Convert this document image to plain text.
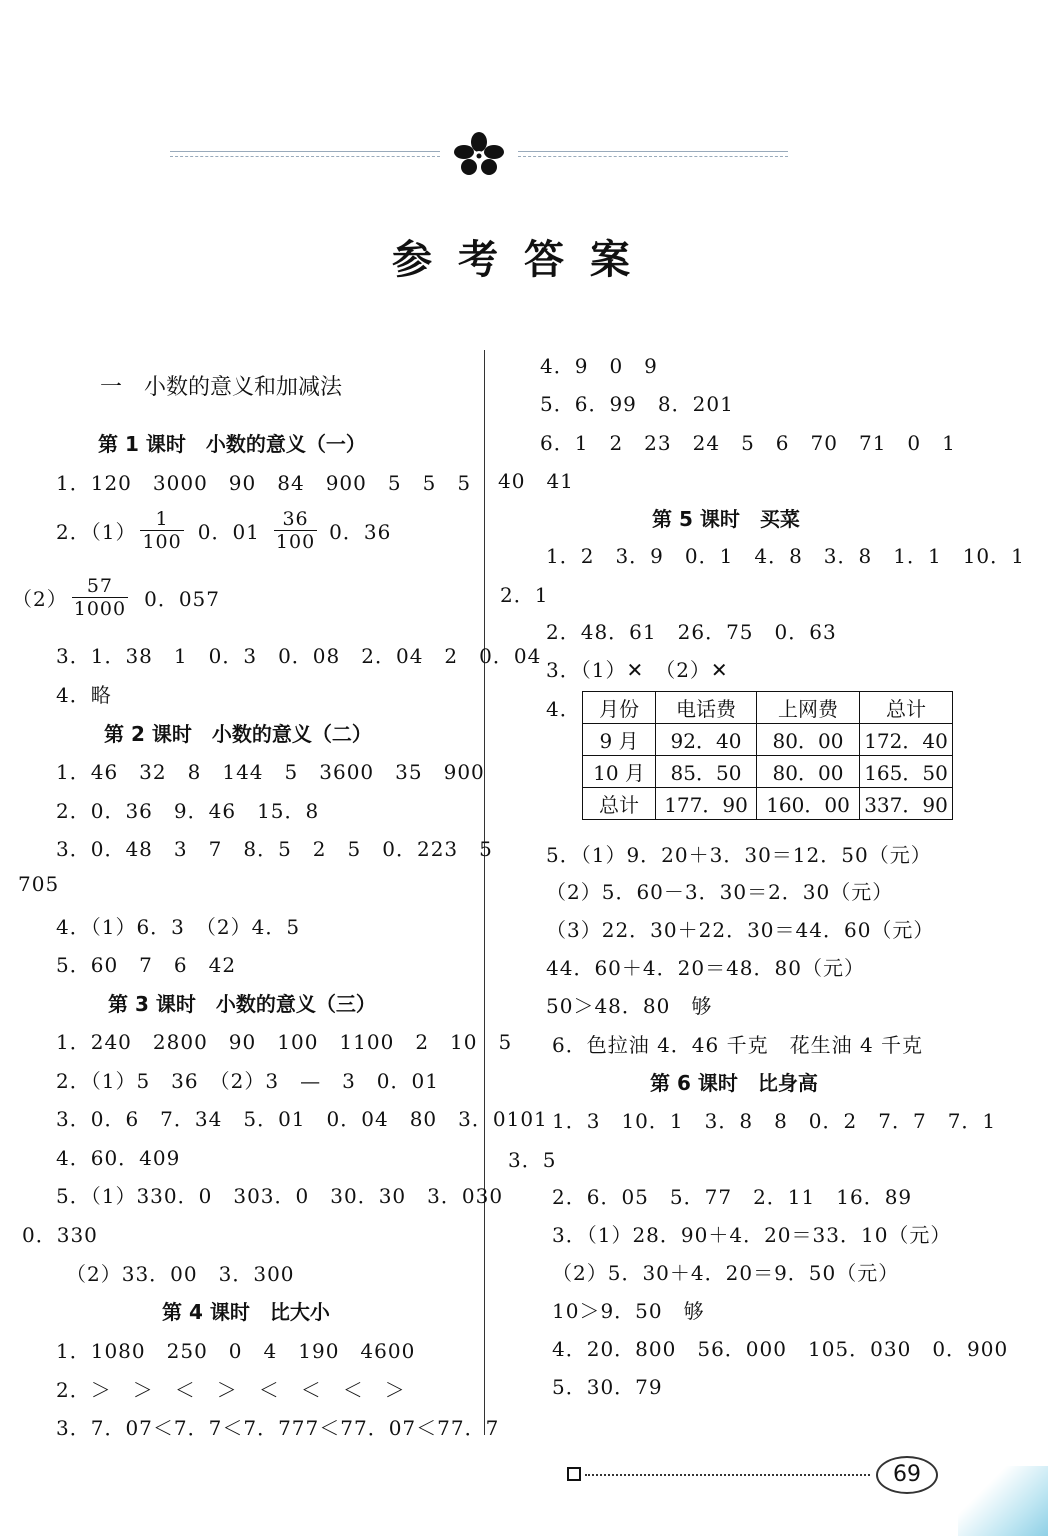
参考答案
一　小数的意义和加减法
第 1 课时　小数的意义（一）
1．120　3000　90　84　900　5　5　5
2．$(1) \frac{1}{100} 0$．$01 \frac{36}{100} 0$．36
$(2) \frac{57}{1000} 0$．057
3．1．38　1　0．3　0．08　2．04　2　0．04
4．略
第 2 课时　小数的意义（二）
1．46　32　8　144　5　3600　35　900
2．0．36　9．46　15．8
3．0．48　3　7　8．5　2　5　0．223　5
705
4．（1）6．3　（2）4．5
5．60　7　6　42
第 3 课时　小数的意义（三）
1．240　2800　90　100　1100　2　10　5
2．（1）5　36　（2）3　—　3　0．01
3．0．6　7．34　5．01　0．04　80　3．0101
4．60．409
5．（1）330．0　303．0　30．30　3．030
0．330
（2）33．00　3．300
第 4 课时　比大小
1．1080　250　0　4　190　4600
2．＞　＞　＜　＞　＜　＜　＜　＞
3．7．07＜7．7＜7．777＜77．07＜77．7
4．9　0　9
5．6．99　8．201
6．1　2　23　24　5　6　70　71　0　1
40　41
第 5 课时　买菜
1．2　3．9　0．1　4．8　3．8　1．1　10．1
2．1
2．48．61　26．75　0．63
3．（1）✕　（2）✕
4． 月份	电话费	上网费	总计
9 月	92．40	80．00	172．40
10 月	85．50	80．00	165．50
总计	177．90	160．00	337．90
5．（1）9．20＋3．30＝12．50（元）
（2）5．60－3．30＝2．30（元）
（3）22．30＋22．30＝44．60（元）
44．60＋4．20＝48．80（元）
50＞48．80　够
6．色拉油 4．46 千克　花生油 4 千克
第 6 课时　比身高
1．3　10．1　3．8　8　0．2　7．7　7．1
3．5
2．6．05　5．77　2．11　16．89
3．（1）28．90＋4．20＝33．10（元）
（2）5．30＋4．20＝9．50（元）
10＞9．50　够
4．20．800　56．000　105．030　0．900
5．30．79
69
